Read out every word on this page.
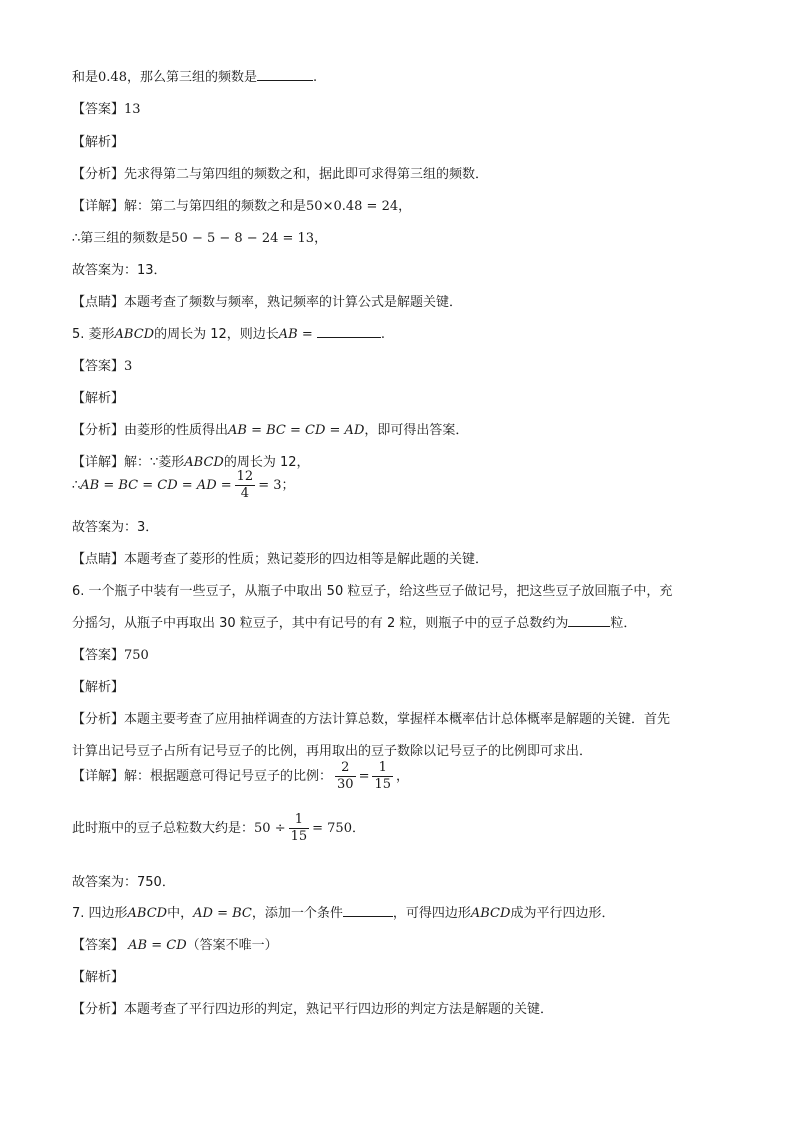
和是0.48，那么第三组的频数是	.
【答案】13
【解析】
【分析】先求得第二与第四组的频数之和，据此即可求得第三组的频数．
【详解】解：第二与第四组的频数之和是50×0.48 = 24，
∴第三组的频数是50 − 5 − 8 − 24 = 13，
故答案为：13．
【点睛】本题考查了频数与频率，熟记频率的计算公式是解题关键．
5. 菱形ABCD的周长为 12，则边长AB =	.
【答案】3
【解析】
【分析】由菱形的性质得出AB = BC = CD = AD，即可得出答案．
【详解】解：∵菱形ABCD的周长为 12，
∴AB = BC = CD = AD = $\frac{12}{4} = 3$；
故答案为：3．
【点睛】本题考查了菱形的性质；熟记菱形的四边相等是解此题的关键．
6. 一个瓶子中装有一些豆子，从瓶子中取出 50 粒豆子，给这些豆子做记号，把这些豆子放回瓶子中，充
分摇匀，从瓶子中再取出 30 粒豆子，其中有记号的有 2 粒，则瓶子中的豆子总数约为	粒．
【答案】750
【解析】
【分析】本题主要考查了应用抽样调查的方法计算总数，掌握样本概率估计总体概率是解题的关键．首先
计算出记号豆子占所有记号豆子的比例，再用取出的豆子数除以记号豆子的比例即可求出．
【详解】解：根据题意可得记号豆子的比例： $\frac{2}{30} = \frac{1}{15}$ ，
此时瓶中的豆子总粒数大约是：$50 \div \frac{1}{15} = 750$．
故答案为：750．
7. 四边形ABCD中，AD = BC，添加一个条件	，可得四边形ABCD成为平行四边形．
【答案】 AB = CD（答案不唯一）
【解析】
【分析】本题考查了平行四边形的判定，熟记平行四边形的判定方法是解题的关键．
